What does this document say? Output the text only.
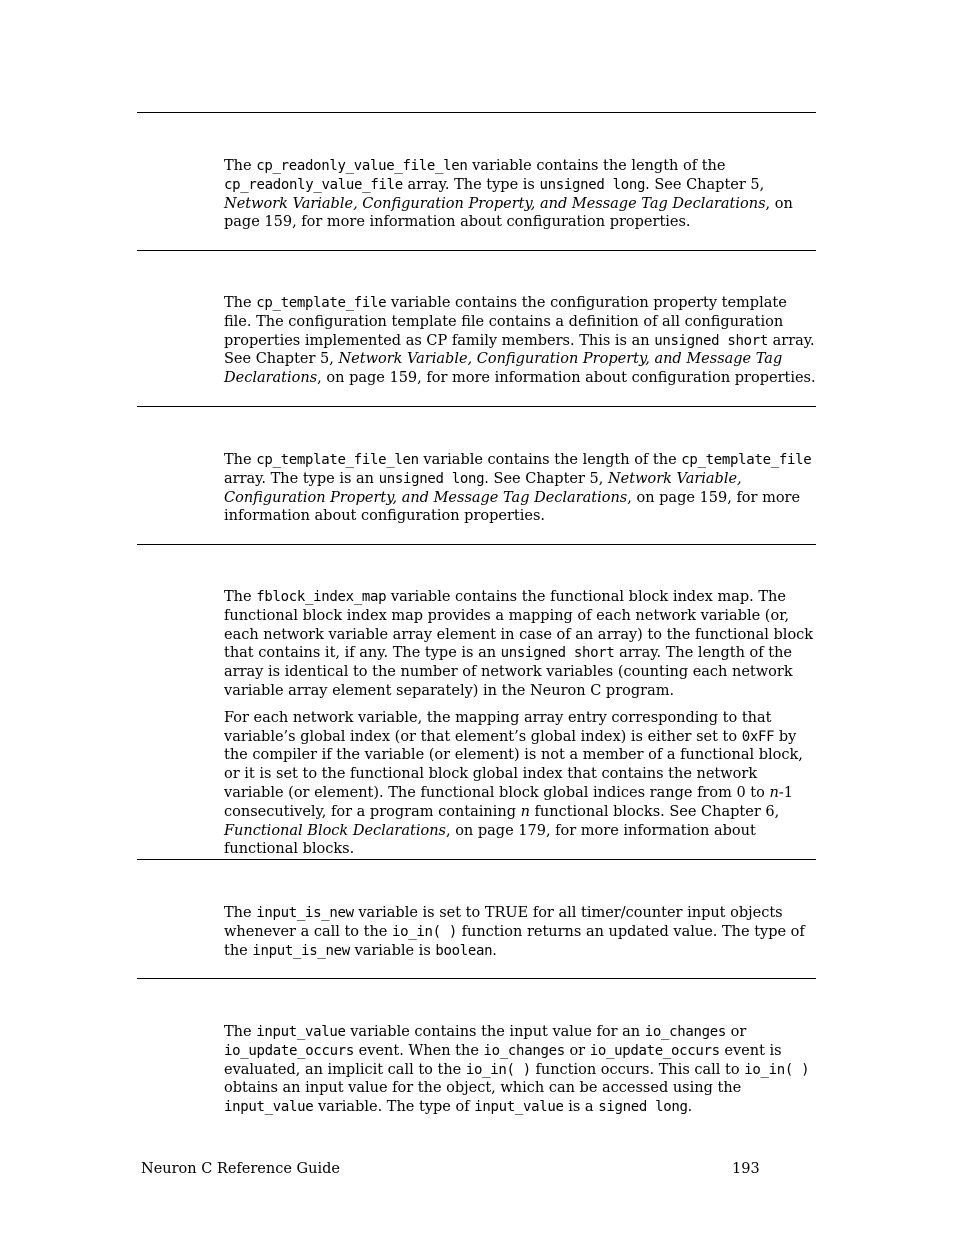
The cp_readonly_value_file_len variable contains the length of the cp_readonly_value_file array. The type is unsigned long. See Chapter 5, Network Variable, Configuration Property, and Message Tag Declarations, on page 159, for more information about configuration properties.

The cp_template_file variable contains the configuration property template file. The configuration template file contains a definition of all configuration properties implemented as CP family members. This is an unsigned short array. See Chapter 5, Network Variable, Configuration Property, and Message Tag Declarations, on page 159, for more information about configuration properties.

The cp_template_file_len variable contains the length of the cp_template_file array. The type is an unsigned long. See Chapter 5, Network Variable, Configuration Property, and Message Tag Declarations, on page 159, for more information about configuration properties.

The fblock_index_map variable contains the functional block index map. The functional block index map provides a mapping of each network variable (or, each network variable array element in case of an array) to the functional block that contains it, if any. The type is an unsigned short array. The length of the array is identical to the number of network variables (counting each network variable array element separately) in the Neuron C program.

For each network variable, the mapping array entry corresponding to that variable’s global index (or that element’s global index) is either set to 0xFF by the compiler if the variable (or element) is not a member of a functional block, or it is set to the functional block global index that contains the network variable (or element). The functional block global indices range from 0 to n-1 consecutively, for a program containing n functional blocks. See Chapter 6, Functional Block Declarations, on page 179, for more information about functional blocks.

The input_is_new variable is set to TRUE for all timer/counter input objects whenever a call to the io_in( ) function returns an updated value. The type of the input_is_new variable is boolean.

The input_value variable contains the input value for an io_changes or io_update_occurs event. When the io_changes or io_update_occurs event is evaluated, an implicit call to the io_in( ) function occurs. This call to io_in( ) obtains an input value for the object, which can be accessed using the input_value variable. The type of input_value is a signed long.

Neuron C Reference Guide	193
